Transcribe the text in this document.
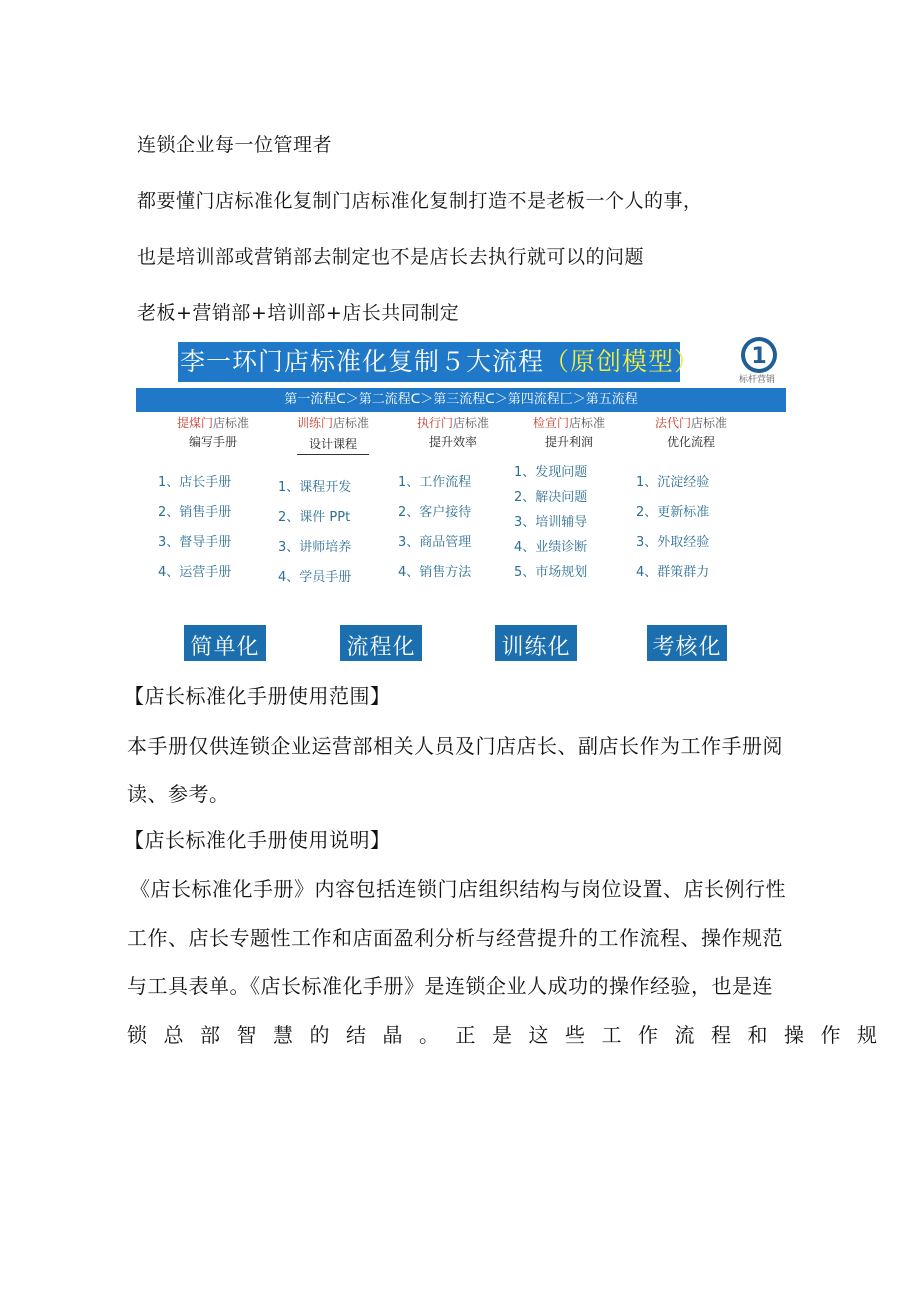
连锁企业每一位管理者
都要懂门店标准化复制门店标准化复制打造不是老板一个人的事，
也是培训部或营销部去制定也不是店长去执行就可以的问题
老板+营销部+培训部+店长共同制定
李一环门店标准化复制５大流程（原创模型） 1
标杆营销
第一流程ᑕ＞第二流程ᑕ＞第三流程ᑕ＞第四流程匚＞第五流程
提煤门店标准
编写手册
1、店长手册
2、销售手册
3、督导手册
4、运营手册
训练门店标准
设计课程
1、课程开发
2、课件 PPt
3、讲师培养
4、学员手册
执行门店标准
提升效率
1、工作流程
2、客户接待
3、商品管理
4、销售方法
检宣门店标准
提升利润
1、发现问题
2、解决问题
3、培训辅导
4、业绩诊断
5、市场规划
法代门店标准
优化流程
1、沉淀经验
2、更新标准
3、外取经验
4、群策群力
简单化	流程化	训练化	考核化
【店长标准化手册使用范围】
本手册仅供连锁企业运营部相关人员及门店店长、副店长作为工作手册阅
读、参考。
【店长标准化手册使用说明】
《店长标准化手册》内容包括连锁门店组织结构与岗位设置、店长例行性
工作、店长专题性工作和店面盈利分析与经营提升的工作流程、操作规范
与工具表单。《店长标准化手册》是连锁企业人成功的操作经验，也是连
锁总部智慧的结晶。正是这些工作流程和操作规
